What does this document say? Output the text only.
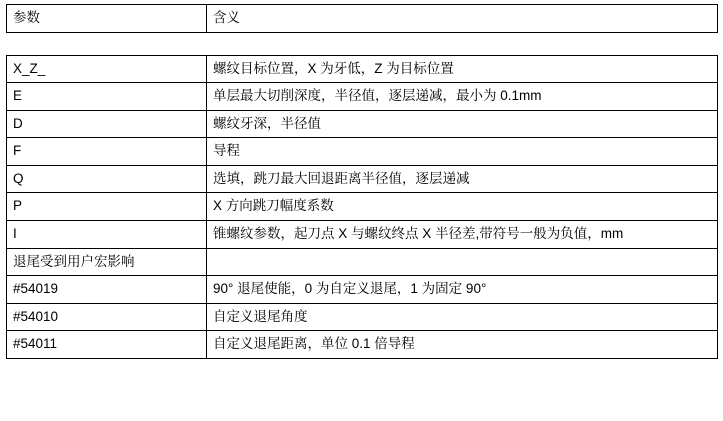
参数	含义
X_Z_	螺纹目标位置，X 为牙低，Z 为目标位置
E	单层最大切削深度，半径值，逐层递减，最小为 0.1mm
D	螺纹牙深，半径值
F	导程
Q	选填，跳刀最大回退距离半径值，逐层递减
P	X 方向跳刀幅度系数
I	锥螺纹参数，起刀点 X 与螺纹终点 X 半径差,带符号一般为负值，mm
退尾受到用户宏影响	
#54019	90° 退尾使能，0 为自定义退尾，1 为固定 90°
#54010	自定义退尾角度
#54011	自定义退尾距离，单位 0.1 倍导程
